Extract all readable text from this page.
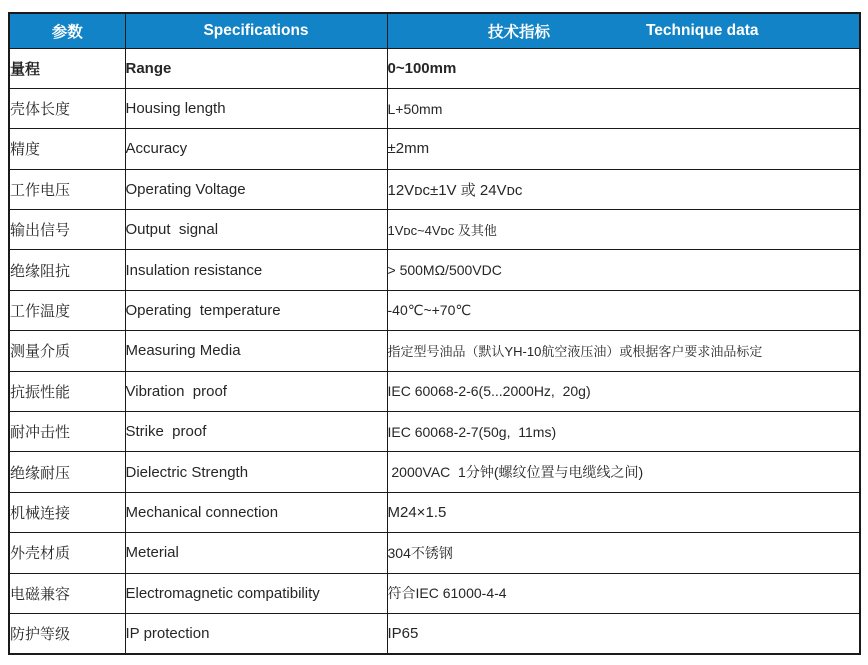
参数	Specifications	技术指标 Technique data

量程	Range	0~100mm
壳体长度	Housing length	L+50mm
精度	Accuracy	±2mm
工作电压	Operating Voltage	12Vᴅᴄ±1V 或 24Vᴅᴄ
输出信号	Output  signal	1Vᴅᴄ~4Vᴅᴄ 及其他
绝缘阻抗	Insulation resistance	> 500MΩ/500VDC
工作温度	Operating  temperature	-40℃~+70℃
测量介质	Measuring Media	指定型号油品（默认YH-10航空液压油）或根据客户要求油品标定
抗振性能	Vibration  proof	IEC 60068-2-6(5...2000Hz,  20g)
耐冲击性	Strike  proof	IEC 60068-2-7(50g,  11ms)
绝缘耐压	Dielectric Strength	2000VAC  1分钟(螺纹位置与电缆线之间)
机械连接	Mechanical connection	M24×1.5
外壳材质	Meterial	304不锈钢
电磁兼容	Electromagnetic compatibility	符合IEC 61000-4-4
防护等级	IP protection	IP65
